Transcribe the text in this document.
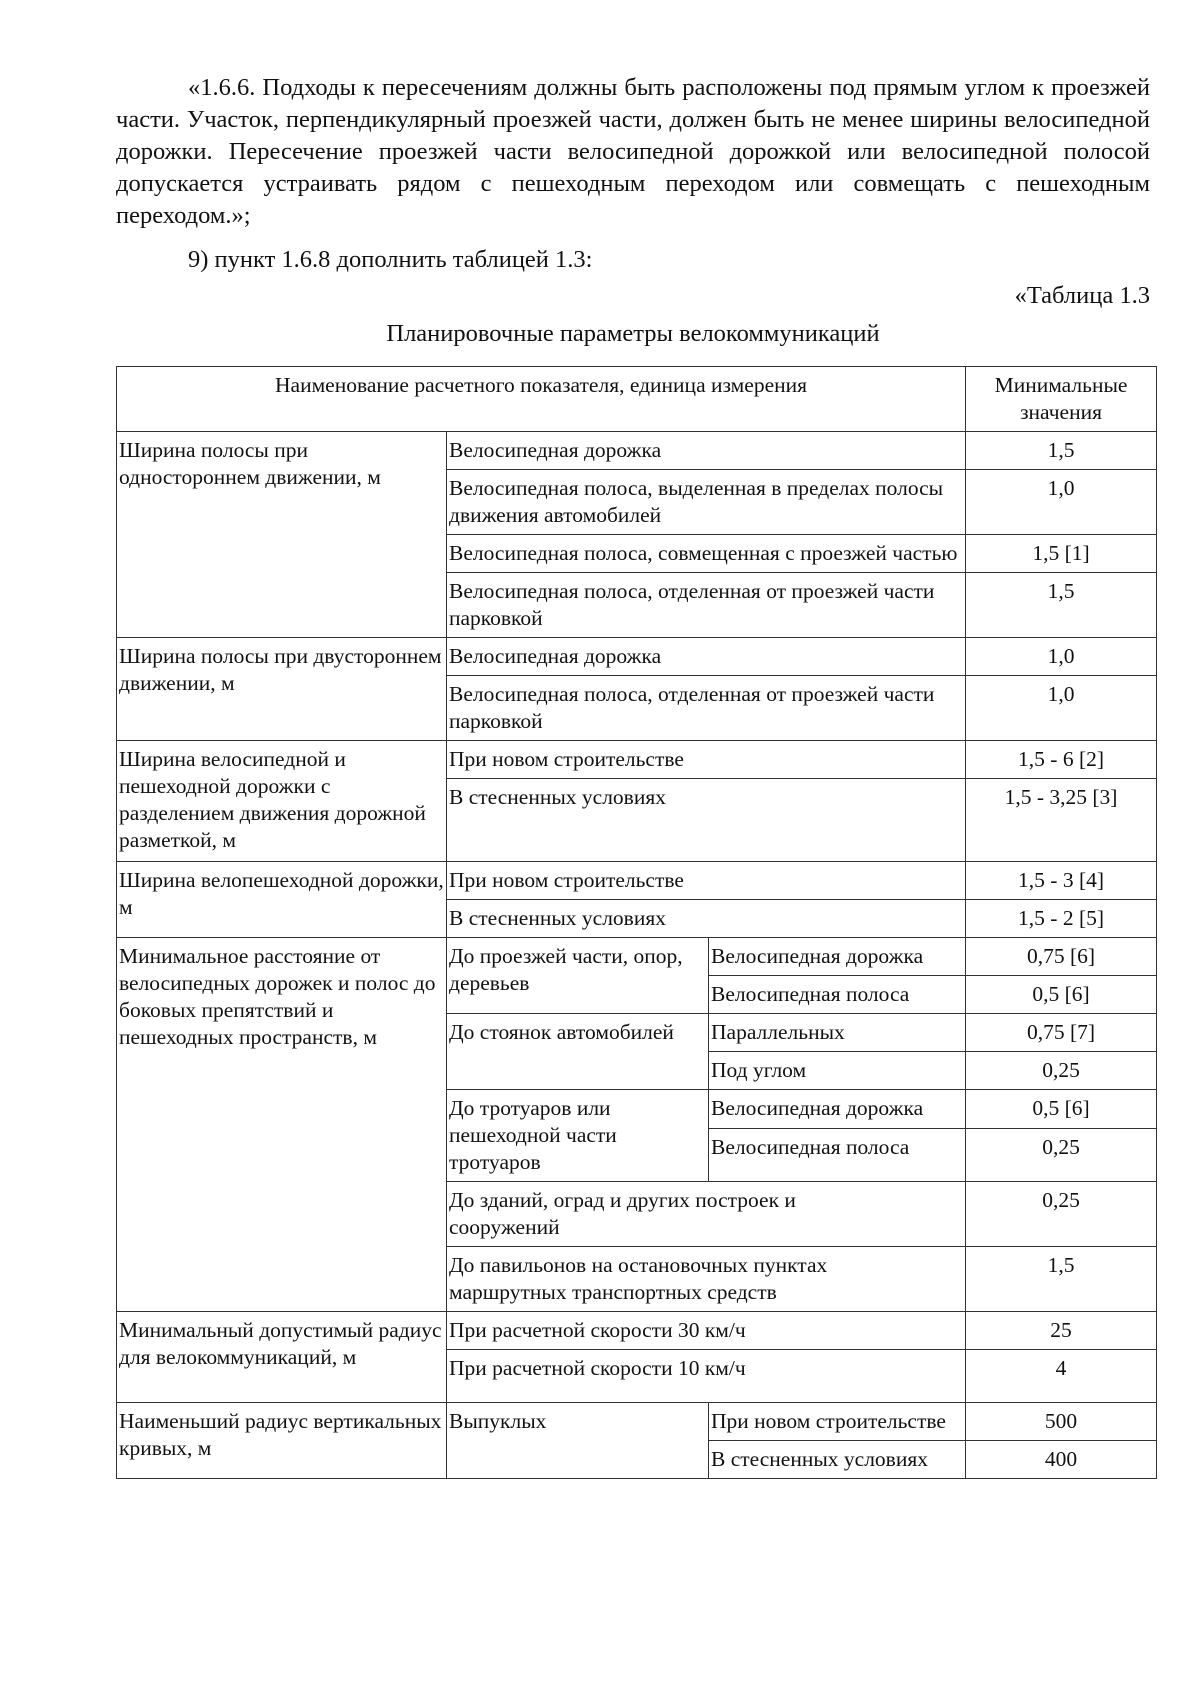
«1.6.6. Подходы к пересечениям должны быть расположены под прямым углом к проезжей части. Участок, перпендикулярный проезжей части, должен быть не менее ширины велосипедной дорожки. Пересечение проезжей части велосипедной дорожкой или велосипедной полосой допускается устраивать рядом с пешеходным переходом или совмещать с пешеходным переходом.»;

9) пункт 1.6.8 дополнить таблицей 1.3:

«Таблица 1.3
Планировочные параметры велокоммуникаций
Наименование расчетного показателя, единица измерения			Минимальные значения
Ширина полосы при одностороннем движении, м	Велосипедная дорожка		1,5
	Велосипедная полоса, выделенная в пределах полосы движения автомобилей		1,0
	Велосипедная полоса, совмещенная с проезжей частью		1,5 [1]
	Велосипедная полоса, отделенная от проезжей части парковкой		1,5
Ширина полосы при двустороннем движении, м	Велосипедная дорожка		1,0
	Велосипедная полоса, отделенная от проезжей части парковкой		1,0
Ширина велосипедной и пешеходной дорожки с разделением движения дорожной разметкой, м	При новом строительстве		1,5 - 6 [2]
	В стесненных условиях		1,5 - 3,25 [3]
Ширина велопешеходной дорожки, м	При новом строительстве		1,5 - 3 [4]
	В стесненных условиях		1,5 - 2 [5]
Минимальное расстояние от велосипедных дорожек и полос до боковых препятствий и пешеходных пространств, м	До проезжей части, опор, деревьев	Велосипедная дорожка	0,75 [6]
		Велосипедная полоса	0,5 [6]
	До стоянок автомобилей	Параллельных	0,75 [7]
		Под углом	0,25
	До тротуаров или пешеходной части тротуаров	Велосипедная дорожка	0,5 [6]
		Велосипедная полоса	0,25
	До зданий, оград и других построек и сооружений		0,25
	До павильонов на остановочных пунктах маршрутных транспортных средств		1,5
Минимальный допустимый радиус для велокоммуникаций, м	При расчетной скорости 30 км/ч		25
	При расчетной скорости 10 км/ч		4
Наименьший радиус вертикальных кривых, м	Выпуклых	При новом строительстве	500
		В стесненных условиях	400
